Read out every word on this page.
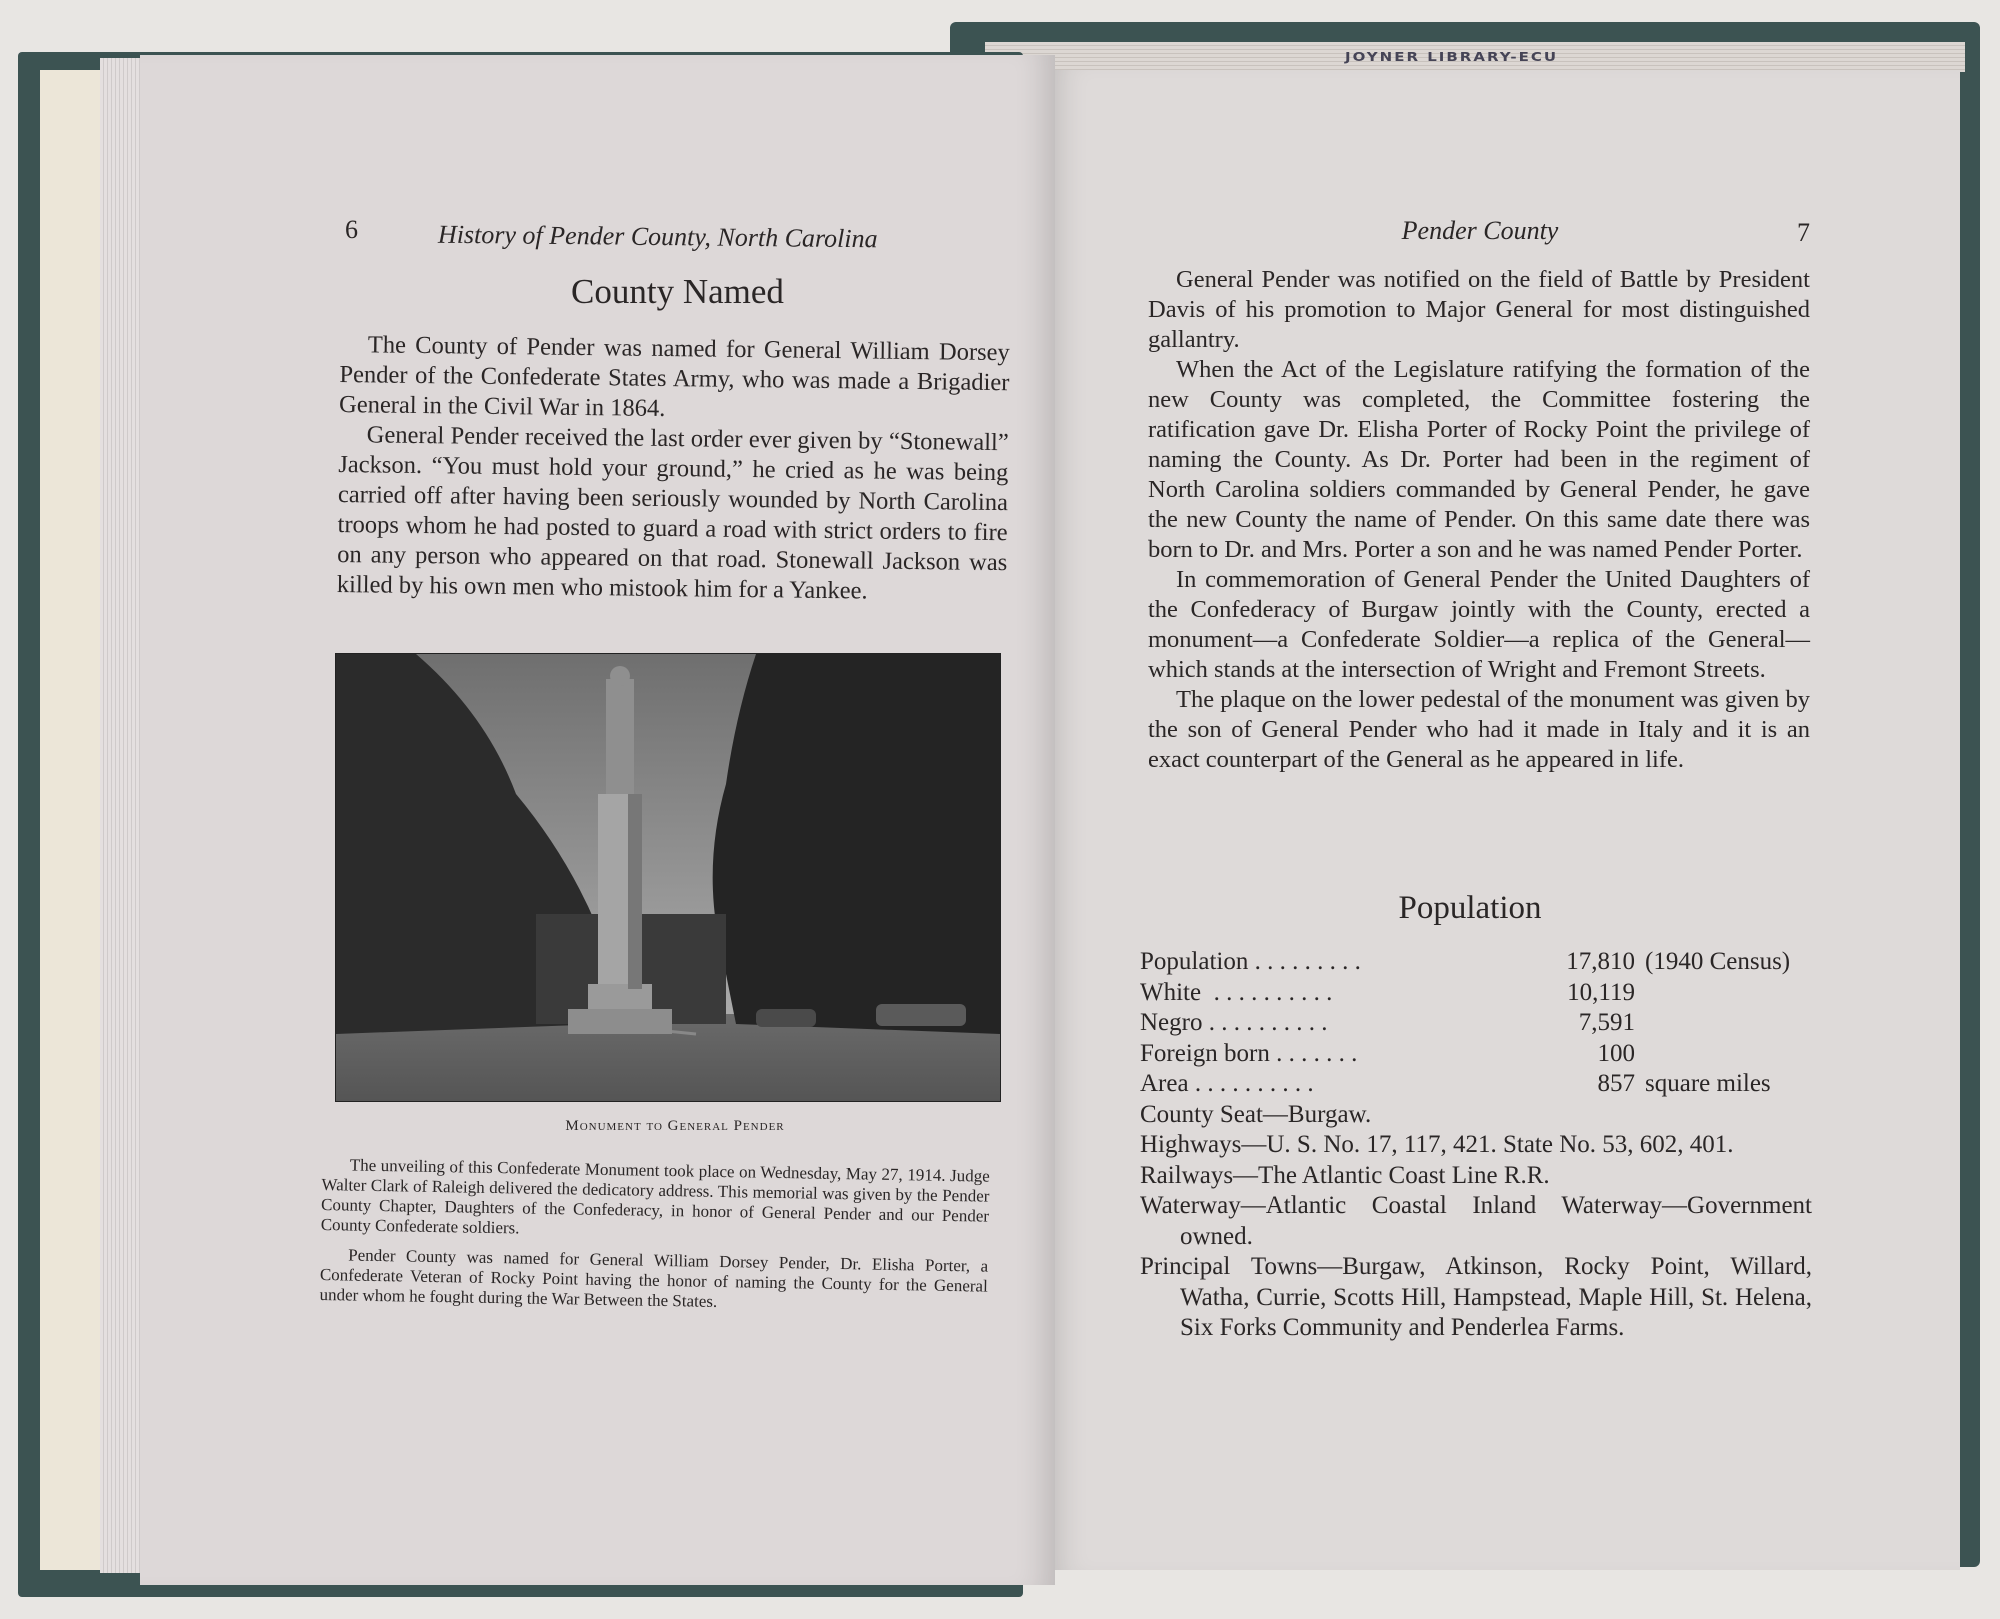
JOYNER LIBRARY-ECU
6	History of Pender County, North Carolina
County Named

The County of Pender was named for General William Dorsey Pender of the Confederate States Army, who was made a Brigadier General in the Civil War in 1864.

General Pender received the last order ever given by “Stonewall” Jackson. “You must hold your ground,” he cried as he was being carried off after having been seriously wounded by North Carolina troops whom he had posted to guard a road with strict orders to fire on any person who appeared on that road. Stonewall Jackson was killed by his own men who mistook him for a Yankee.

Monument to General Pender

The unveiling of this Confederate Monument took place on Wednesday, May 27, 1914. Judge Walter Clark of Raleigh delivered the dedicatory address. This memorial was given by the Pender County Chapter, Daughters of the Confederacy, in honor of General Pender and our Pender County Confederate soldiers.

Pender County was named for General William Dorsey Pender, Dr. Elisha Porter, a Confederate Veteran of Rocky Point having the honor of naming the County for the General under whom he fought during the War Between the States.

Pender County	7

General Pender was notified on the field of Battle by President Davis of his promotion to Major General for most distinguished gallantry.

When the Act of the Legislature ratifying the formation of the new County was completed, the Committee fostering the ratification gave Dr. Elisha Porter of Rocky Point the privilege of naming the County. As Dr. Porter had been in the regiment of North Carolina soldiers commanded by General Pender, he gave the new County the name of Pender. On this same date there was born to Dr. and Mrs. Porter a son and he was named Pender Porter.

In commemoration of General Pender the United Daughters of the Confederacy of Burgaw jointly with the County, erected a monument—a Confederate Soldier—a replica of the General—which stands at the intersection of Wright and Fremont Streets.

The plaque on the lower pedestal of the monument was given by the son of General Pender who had it made in Italy and it is an exact counterpart of the General as he appeared in life.

Population
Population . . . . . . . . .	17,810 (1940 Census)
White  . . . . . . . . . .	10,119
Negro . . . . . . . . . .	7,591
Foreign born . . . . . . .	100
Area . . . . . . . . . .	857 square miles
County Seat—Burgaw.
Highways—U. S. No. 17, 117, 421. State No. 53, 602, 401.
Railways—The Atlantic Coast Line R.R.
Waterway—Atlantic Coastal Inland Waterway—Government owned.
Principal Towns—Burgaw, Atkinson, Rocky Point, Willard, Watha, Currie, Scotts Hill, Hampstead, Maple Hill, St. Helena, Six Forks Community and Penderlea Farms.
